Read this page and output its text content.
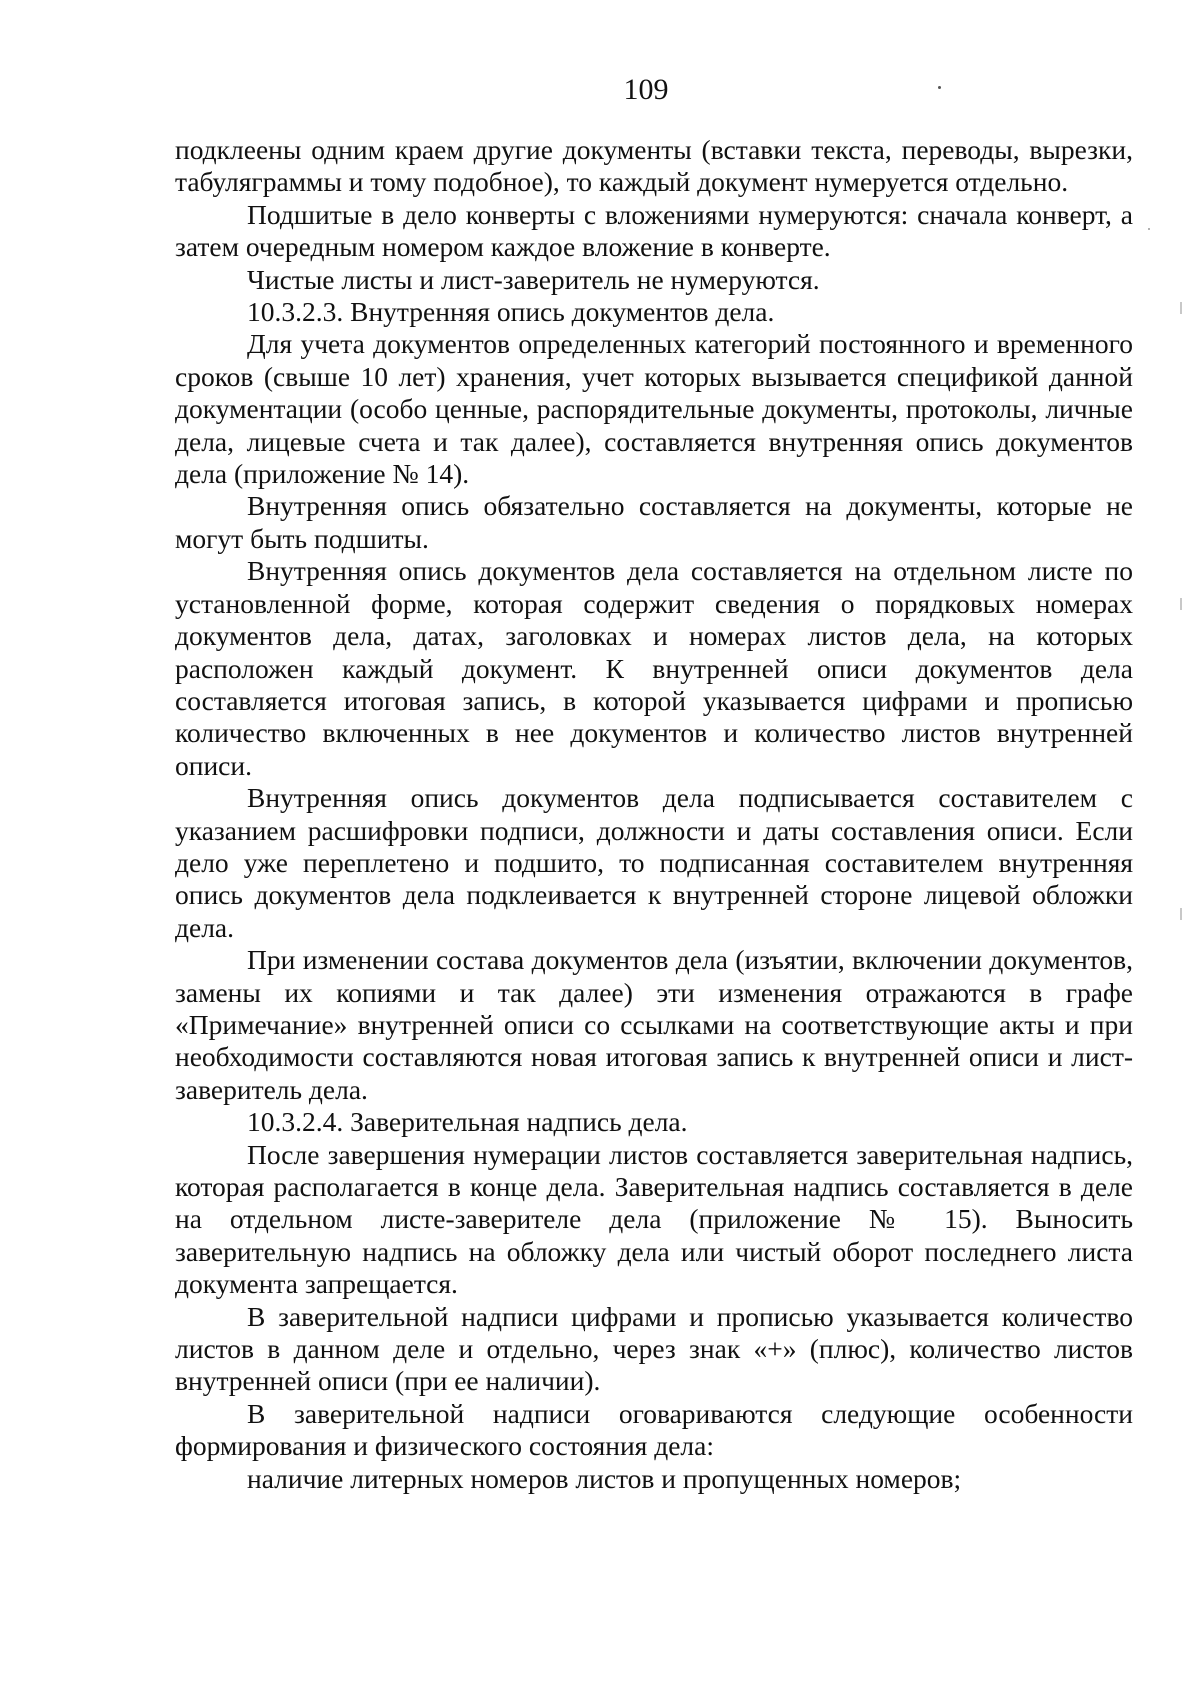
109

подклеены одним краем другие документы (вставки текста, переводы, вырезки, табуляграммы и тому подобное), то каждый документ нумеруется отдельно.

Подшитые в дело конверты с вложениями нумеруются: сначала конверт, а затем очередным номером каждое вложение в конверте.

Чистые листы и лист-заверитель не нумеруются.

10.3.2.3. Внутренняя опись документов дела.

Для учета документов определенных категорий постоянного и временного сроков (свыше 10 лет) хранения, учет которых вызывается спецификой данной документации (особо ценные, распорядительные документы, протоколы, личные дела, лицевые счета и так далее), составляется внутренняя опись документов дела (приложение № 14).

Внутренняя опись обязательно составляется на документы, которые не могут быть подшиты.

Внутренняя опись документов дела составляется на отдельном листе по установленной форме, которая содержит сведения о порядковых номерах документов дела, датах, заголовках и номерах листов дела, на которых расположен каждый документ. К внутренней описи документов дела составляется итоговая запись, в которой указывается цифрами и прописью количество включенных в нее документов и количество листов внутренней описи.

Внутренняя опись документов дела подписывается составителем с указанием расшифровки подписи, должности и даты составления описи. Если дело уже переплетено и подшито, то подписанная составителем внутренняя опись документов дела подклеивается к внутренней стороне лицевой обложки дела.

При изменении состава документов дела (изъятии, включении документов, замены их копиями и так далее) эти изменения отражаются в графе «Примечание» внутренней описи со ссылками на соответствующие акты и при необходимости составляются новая итоговая запись к внутренней описи и лист-заверитель дела.

10.3.2.4. Заверительная надпись дела.

После завершения нумерации листов составляется заверительная надпись, которая располагается в конце дела. Заверительная надпись составляется в деле на отдельном листе-заверителе дела (приложение № 15). Выносить заверительную надпись на обложку дела или чистый оборот последнего листа документа запрещается.

В заверительной надписи цифрами и прописью указывается количество листов в данном деле и отдельно, через знак «+» (плюс), количество листов внутренней описи (при ее наличии).

В заверительной надписи оговариваются следующие особенности формирования и физического состояния дела:

наличие литерных номеров листов и пропущенных номеров;
